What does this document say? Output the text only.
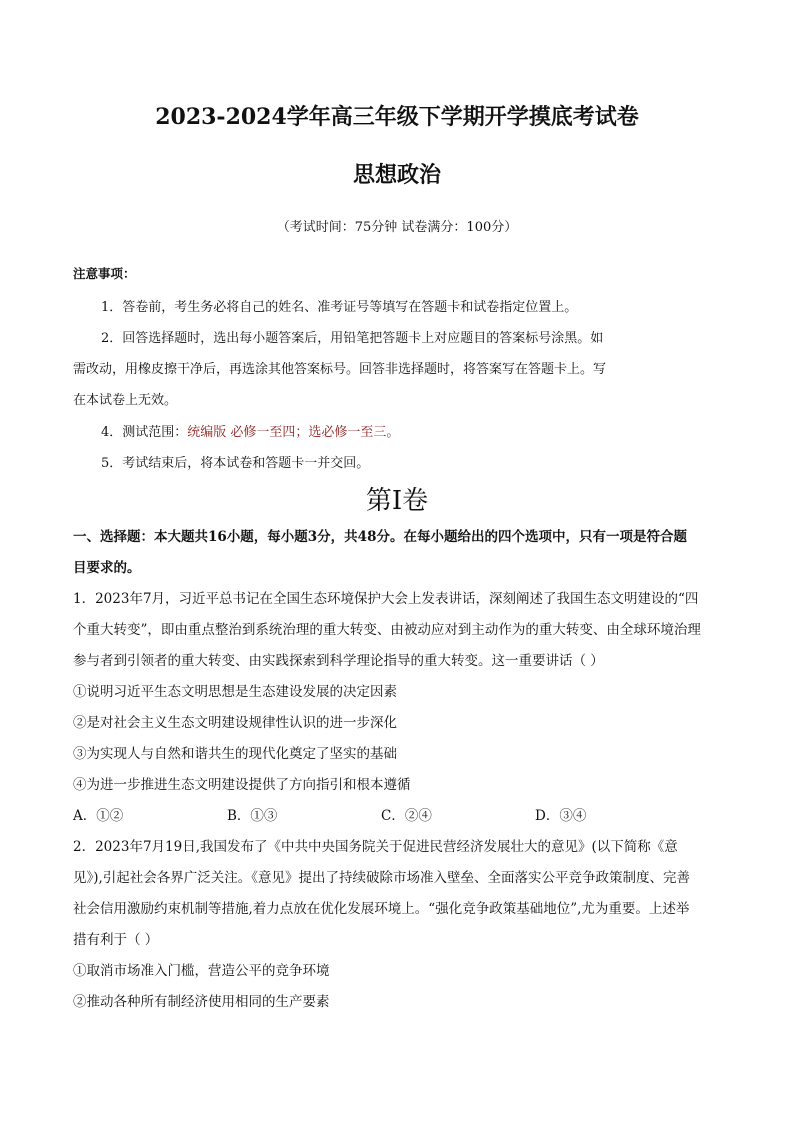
2023-2024学年高三年级下学期开学摸底考试卷
思想政治
（考试时间：75分钟 试卷满分：100分）
注意事项：
1．答卷前，考生务必将自己的姓名、准考证号等填写在答题卡和试卷指定位置上。
2．回答选择题时，选出每小题答案后，用铅笔把答题卡上对应题目的答案标号涂黑。如
需改动，用橡皮擦干净后，再选涂其他答案标号。回答非选择题时，将答案写在答题卡上。写
在本试卷上无效。
4．测试范围：统编版 必修一至四；选必修一至三。
5．考试结束后，将本试卷和答题卡一并交回。
第Ⅰ卷
一、选择题：本大题共16小题，每小题3分，共48分。在每小题给出的四个选项中，只有一项是符合题
目要求的。
1．2023年7月，习近平总书记在全国生态环境保护大会上发表讲话，深刻阐述了我国生态文明建设的“四
个重大转变”，即由重点整治到系统治理的重大转变、由被动应对到主动作为的重大转变、由全球环境治理
参与者到引领者的重大转变、由实践探索到科学理论指导的重大转变。这一重要讲话（ ）
①说明习近平生态文明思想是生态建设发展的决定因素
②是对社会主义生态文明建设规律性认识的进一步深化
③为实现人与自然和谐共生的现代化奠定了坚实的基础
④为进一步推进生态文明建设提供了方向指引和根本遵循
A．①②	B．①③	C．②④	D．③④
2．2023年7月19日,我国发布了《中共中央国务院关于促进民营经济发展壮大的意见》(以下简称《意
见》),引起社会各界广泛关注。《意见》提出了持续破除市场准入壁垒、全面落实公平竞争政策制度、完善
社会信用激励约束机制等措施,着力点放在优化发展环境上。“强化竞争政策基础地位”,尤为重要。上述举
措有利于（ ）
①取消市场准入门槛，营造公平的竞争环境
②推动各种所有制经济使用相同的生产要素
